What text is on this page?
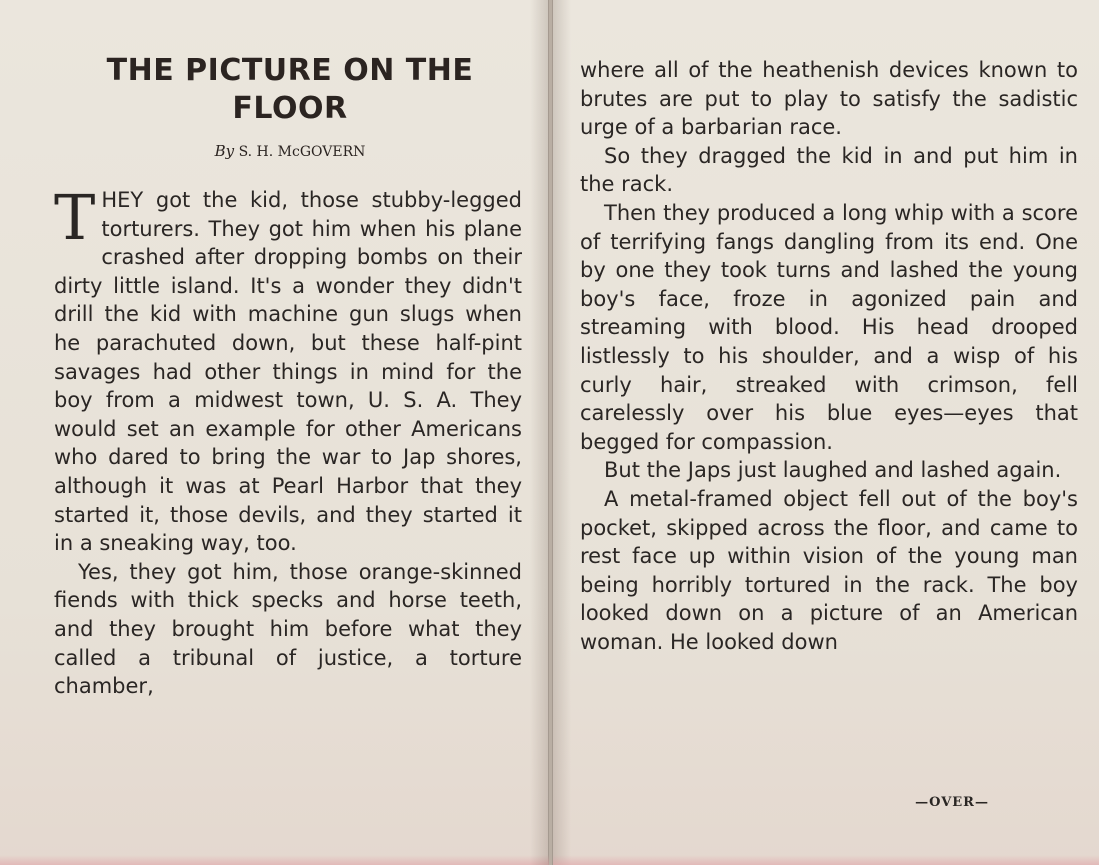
THE PICTURE ON THE FLOOR
By S. H. McGOVERN

THEY got the kid, those stubby-legged torturers. They got him when his plane crashed after dropping bombs on their dirty little island. It's a wonder they didn't drill the kid with machine gun slugs when he parachuted down, but these half-pint savages had other things in mind for the boy from a midwest town, U. S. A. They would set an example for other Americans who dared to bring the war to Jap shores, although it was at Pearl Harbor that they started it, those devils, and they started it in a sneaking way, too.

Yes, they got him, those orange-skinned fiends with thick specks and horse teeth, and they brought him before what they called a tribunal of justice, a torture chamber,

where all of the heathenish devices known to brutes are put to play to satisfy the sadistic urge of a barbarian race.

So they dragged the kid in and put him in the rack.

Then they produced a long whip with a score of terrifying fangs dangling from its end. One by one they took turns and lashed the young boy's face, froze in agonized pain and streaming with blood. His head drooped listlessly to his shoulder, and a wisp of his curly hair, streaked with crimson, fell carelessly over his blue eyes—eyes that begged for compassion.

But the Japs just laughed and lashed again.

A metal-framed object fell out of the boy's pocket, skipped across the floor, and came to rest face up within vision of the young man being horribly tortured in the rack. The boy looked down on a picture of an American woman. He looked down

—OVER—
